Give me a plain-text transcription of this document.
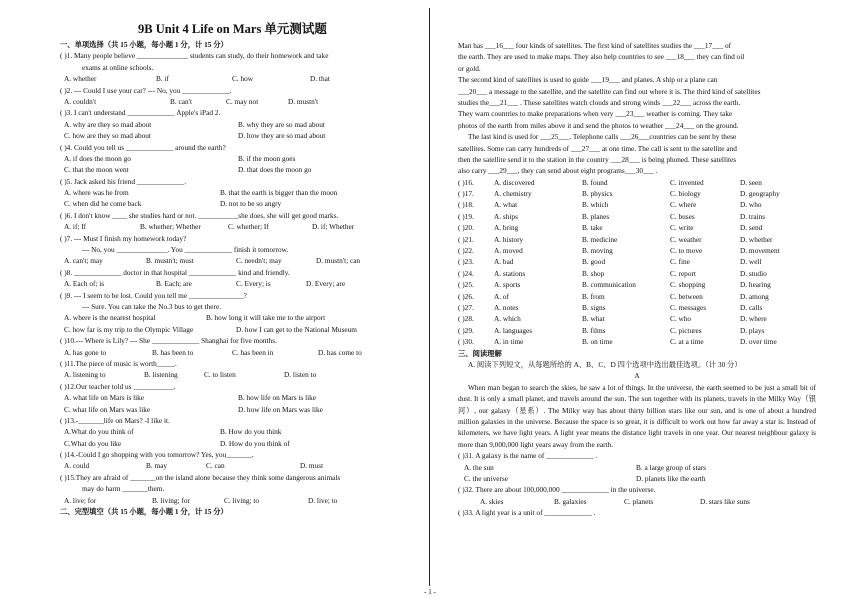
9B Unit 4 Life on Mars 单元测试题
一、单项选择（共 15 小题，每小题 1 分，计 15 分）
( )1. Many people believe ______________ students can study, do their homework and take
exams at online schools.
A. whether	B. if	C. how	D. that
( )2. --- Could I use your car? --- No, you _____________.
A. couldn't	B. can't	C. may not	D. mustn't
( )3. I can't understand _____________ Apple's iPad 2.
A. why are they so mad about	B. why they are so mad about
C. how are they so mad about	D. how they are so mad about
( )4. Could you tell us _____________ around the earth?
A. if does the moon go	B. if the moon goes
C. that the moon went	D. that does the moon go
( )5. Jack asked his friend _____________.
A. where was he from	B. that the earth is bigger than the moon
C. when did he come back	D. not to be so angry
( )6. I don't know ____ she studies hard or not. ___________she does, she will get good marks.
A. if; If	B. whether; Whether	C. whether; If	D. if; Whether
( )7. --- Must I finish my homework today?
--- No, you ______________. You _____________ finish it tomorrow.
A. can't; may	B. mustn't; must	C. needn't; may	D. mustn't; can
( )8. _____________ doctor in that hospital _____________ kind and friendly.
A. Each of; is	B. Each; are	C. Every; is	D. Every; are
( )9. --- I seem to be lost. Could you tell me _______________?
--- Sure. You can take the No.3 bus to get there.
A. where is the nearest hospital	B. how long it will take me to the airport
C. how far is my trip to the Olympic Village	D. how I can get to the National Museum
( )10.--- Where is Lily? --- She _____________ Shanghai for five months.
A. has gone to	B. has been to	C. has been in	D. has come to
( )11.The piece of music is worth_____.
A. listening to	B. listening	C. to listen	D. listen to
( )12.Our teacher told us ___________.
A. what life on Mars is like	B. how life on Mars is like
C. what life on Mars was like	D. how life on Mars was like
( )13.-_______life on Mars? -I like it.
A.What do you think of	B. How do you think
C.What do you like	D. How do you think of
( )14.-Could I go shopping with you tomorrow? Yes, you_______.
A. could	B. may	C. can	D. must
( )15.They are afraid of _______on the island alone because they think some dangerous animals
may do harm _______them.
A. live; for	B. living; for	C. living; to	D. live; to
二、完型填空（共 15 小题，每小题 1 分，计 15 分）
Man has ___16___ four kinds of satellites. The first kind of satellites studies the ___17___ of
the earth. They are used to make maps. They also help countries to see ___18___ they can find oil
or gold.
The second kind of satellites is used to guide ___19___ and planes. A ship or a plane can
___20___ a message to the satellite, and the satellite can find out where it is. The third kind of satellites
studies the___21___ . These satellites watch clouds and strong winds ___22___ across the earth.
They warn countries to make preparations when very ___23___ weather is coming. They take
photos of the earth from miles above it and send the photos to weather ___24___ on the ground.
The last kind is used for ___25___. Telephone calls ___26___countries can be sent by these
satellites. Some can carry hundreds of ___27___ at one time. The call is sent to the satellite and
then the satellite send it to the station in the country ___28___ is being phoned. These satellites
also carry ___29___, they can send about eight programs___30___ .
( )16.	A. discovered	B. found	C. invented	D. seen
( )17.	A. chemistry	B. physics	C. biology	D. geography
( )18.	A. what	B. which	C. where	D. who
( )19.	A. ships	B. planes	C. buses	D. trains
( )20.	A. bring	B. take	C. write	D. send
( )21.	A. history	B. medicine	C. weather	D. whether
( )22.	A. moved	B. moving	C. to move	D. movement
( )23.	A. bad	B. good	C. fine	D. well
( )24.	A. stations	B. shop	C. report	D. studio
( )25.	A. sports	B. communication	C. shopping	D. hearing
( )26.	A. of	B. from	C. between	D. among
( )27.	A. notes	B. signs	C. messages	D. calls
( )28.	A. which	B. what	C. who	D. where
( )29.	A. languages	B. films	C. pictures	D. plays
( )30.	A. in time	B. on time	C. at a time	D. over time
三、阅读理解
A. 阅读下列短文，从每题所给的 A、B、C、D 四个选项中选出最佳选项。（计 30 分）
A
When man began to search the skies, he saw a lot of things. In the universe, the earth seemed to be just a small bit of dust. It is only a small planet, and travels around the sun. The sun together with its planets, travels in the Milky Way（银河）, our galaxy（星系）. The Milky way has about thirty billion stars like our sun, and is one of about a hundred million galaxies in the universe. Because the space is so great, it is difficult to work out how far away a star is. Instead of kilometers, we have light years. A light year means the distance light travels in one year. Our nearest neighbour galaxy is more than 9,000,000 light years away from the earth.
( )31. A galaxy is the name of _____________ .
A. the sun	B. a large group of stars
C. the universe	D. planets like the earth
( )32. There are about 100,000,000 _____________ in the universe.
A. skies	B. galaxies	C. planets	D. stars like suns
( )33. A light year is a unit of _____________ .
- 1 -
